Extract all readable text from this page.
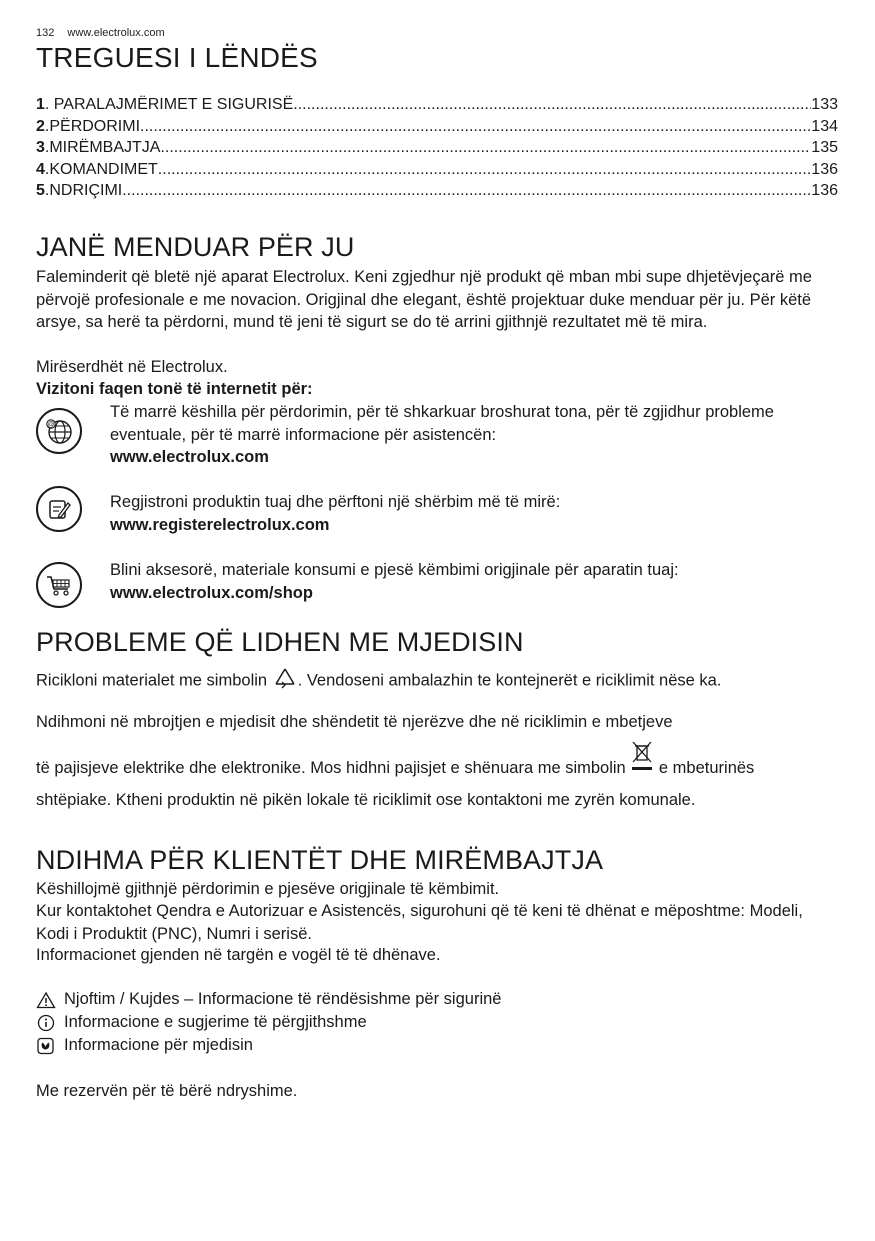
132 www.electrolux.com
TREGUESI I LËNDËS
1 . PARALAJMËRIMET E SIGURISË .....	133
2 .PËRDORIMI .....	134
3 .MIRËMBAJTJA .....	135
4 .KOMANDIMET .....	136
5 .NDRIÇIMI .....	136
JANË MENDUAR PËR JU
Faleminderit që bletë një aparat Electrolux. Keni zgjedhur një produkt që mban mbi supe dhjetëvjeçarë me përvojë profesionale e me novacion. Origjinal dhe elegant, është projektuar duke menduar për ju. Për këtë arsye, sa herë ta përdorni, mund të jeni të sigurt se do të arrini gjithnjë rezultatet më të mira.
Mirëserdhët në Electrolux.
Vizitoni faqen tonë të internetit për:
@
Të marrë këshilla për përdorimin, për të shkarkuar broshurat tona, për të zgjidhur probleme eventuale, për të marrë informacione për asistencën:
www.electrolux.com
Regjistroni produktin tuaj dhe përftoni një shërbim më të mirë:
www.registerelectrolux.com
Blini aksesorë, materiale konsumi e pjesë këmbimi origjinale për aparatin tuaj:
www.electrolux.com/shop
PROBLEME QË LIDHEN ME MJEDISIN
Ricikloni materialet me simbolin . Vendoseni ambalazhin te kontejnerët e riciklimit nëse ka.
Ndihmoni në mbrojtjen e mjedisit dhe shëndetit të njerëzve dhe në riciklimin e mbetjeve
të pajisjeve elektrike dhe elektronike. Mos hidhni pajisjet e shënuara me simbolin e mbeturinës shtëpiake. Ktheni produktin në pikën lokale të riciklimit ose kontaktoni me zyrën komunale.
NDIHMA PËR KLIENTËT DHE MIRËMBAJTJA
Këshillojmë gjithnjë përdorimin e pjesëve origjinale të këmbimit.
Kur kontaktohet Qendra e Autorizuar e Asistencës, sigurohuni që të keni të dhënat e mëposhtme: Modeli, Kodi i Produktit (PNC), Numri i serisë.
Informacionet gjenden në targën e vogël të të dhënave.
Njoftim / Kujdes – Informacione të rëndësishme për sigurinë
Informacione e sugjerime të përgjithshme
Informacione për mjedisin
Me rezervën për të bërë ndryshime.
